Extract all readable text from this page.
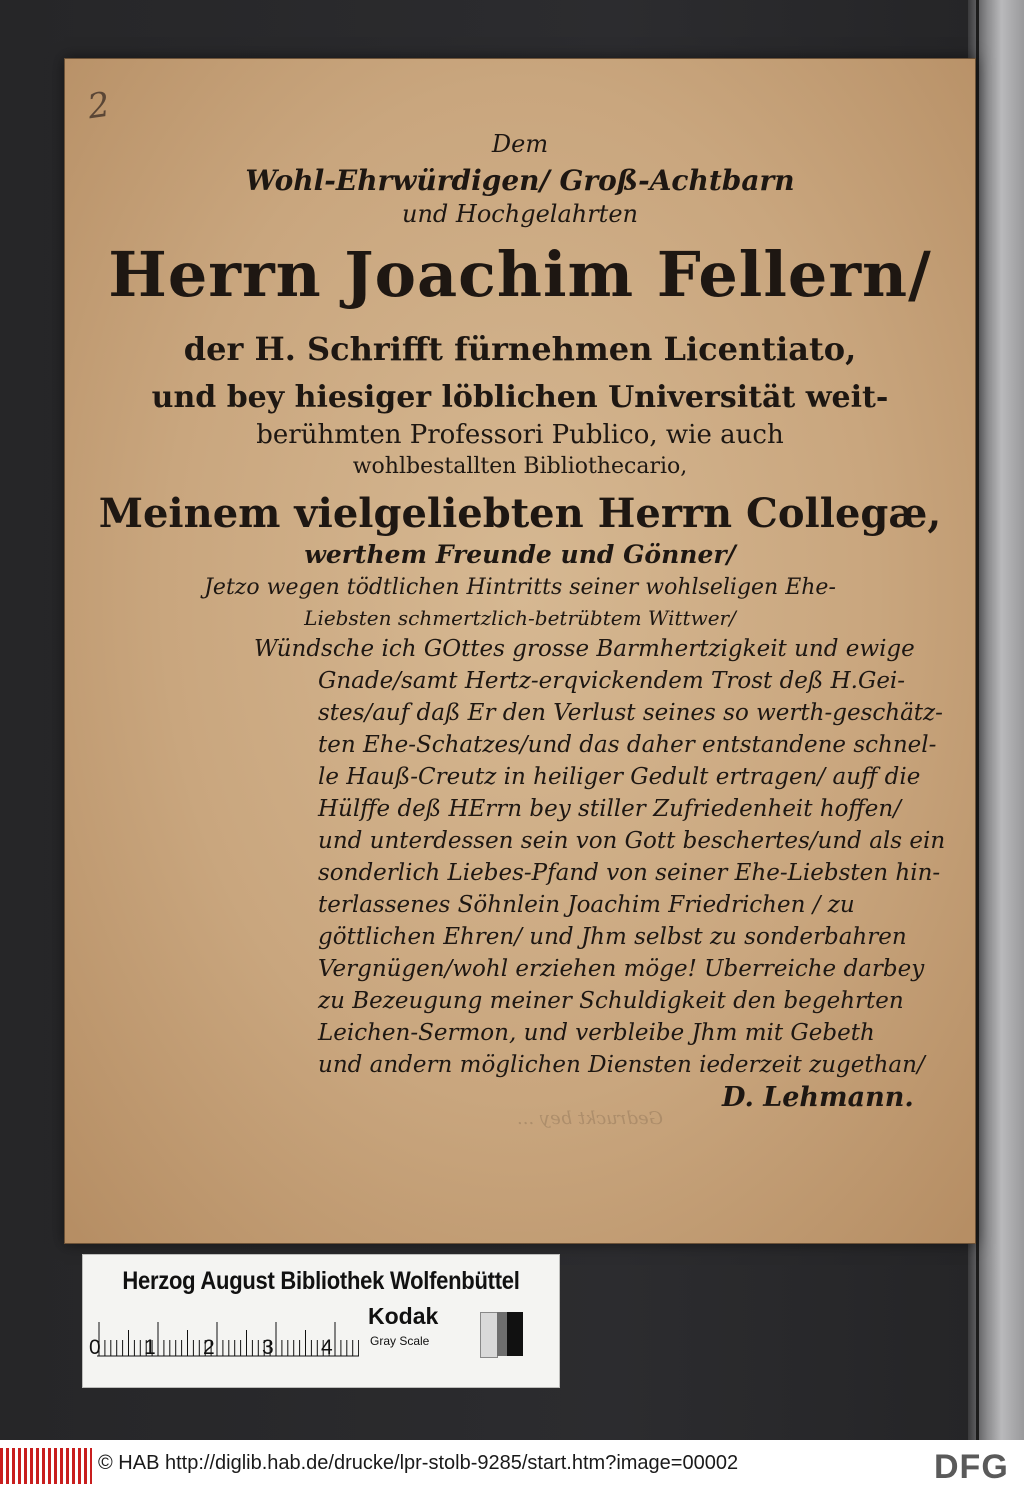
2
Dem
Wohl-Ehrwürdigen/ Groß-Achtbarn
und Hochgelahrten
Herrn Joachim Fellern/
der H. Schrifft fürnehmen Licentiato,
und bey hiesiger löblichen Universität weit-
berühmten Professori Publico, wie auch
wohlbestallten Bibliothecario,
Meinem vielgeliebten Herrn Collegæ,
werthem Freunde und Gönner/
Jetzo wegen tödtlichen Hintritts seiner wohlseligen Ehe-
Liebsten schmertzlich-betrübtem Wittwer/
Wündsche ich GOttes grosse Barmhertzigkeit und ewige
Gnade/samt Hertz-erqvickendem Trost deß H.Gei-
stes/auf daß Er den Verlust seines so werth-geschätz-
ten Ehe-Schatzes/und das daher entstandene schnel-
le Hauß-Creutz in heiliger Gedult ertragen/ auff die
Hülffe deß HErrn bey stiller Zufriedenheit hoffen/
und unterdessen sein von Gott beschertes/und als ein
sonderlich Liebes-Pfand von seiner Ehe-Liebsten hin-
terlassenes Söhnlein Joachim Friedrichen / zu
göttlichen Ehren/ und Jhm selbst zu sonderbahren
Vergnügen/wohl erziehen möge! Uberreiche darbey
zu Bezeugung meiner Schuldigkeit den begehrten
Leichen-Sermon, und verbleibe Jhm mit Gebeth
und andern möglichen Diensten iederzeit zugethan/
D. Lehmann.
Gedruckt bey ...
Herzog August Bibliothek Wolfenbüttel
0 1 2 3 4
Kodak
Gray Scale
© HAB http://diglib.hab.de/drucke/lpr-stolb-9285/start.htm?image=00002	DFG
